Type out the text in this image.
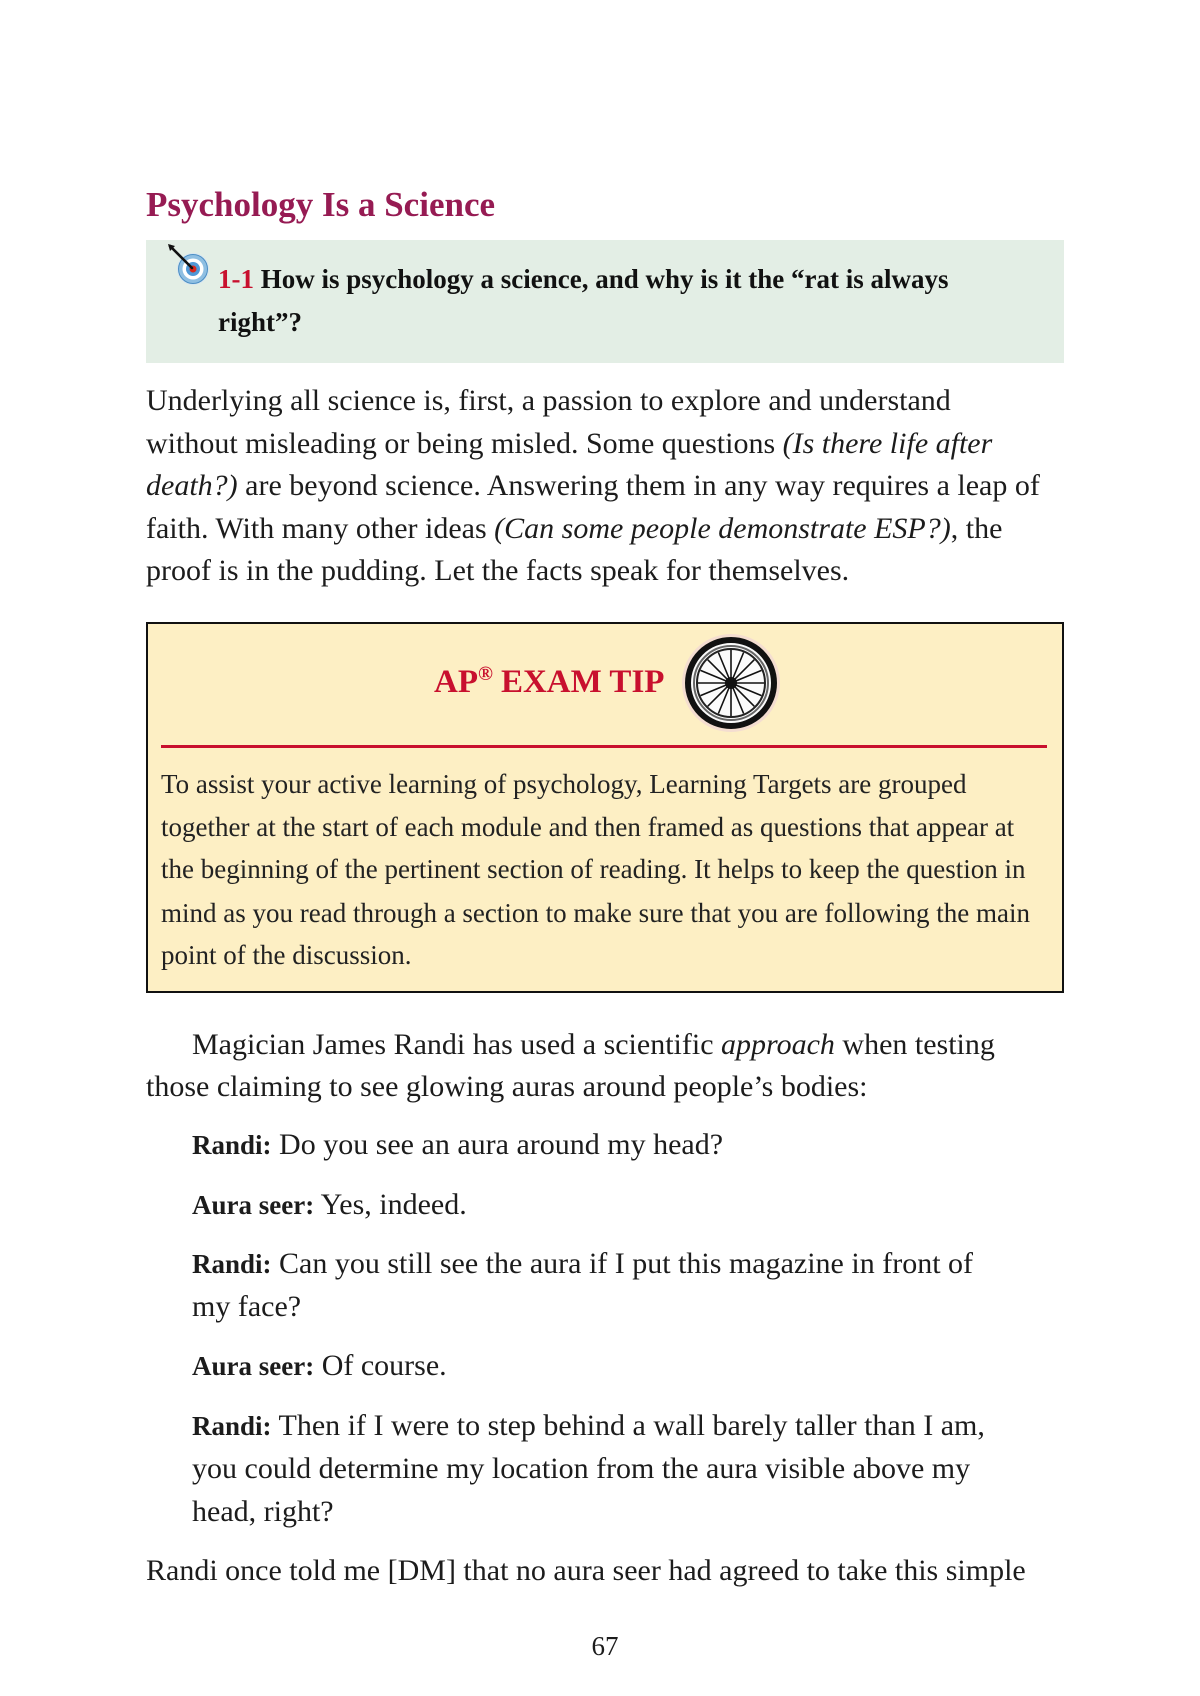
Psychology Is a Science
1-1 How is psychology a science, and why is it the “rat is always
right”?
Underlying all science is, first, a passion to explore and understand
without misleading or being misled. Some questions (Is there life after
death?) are beyond science. Answering them in any way requires a leap of
faith. With many other ideas (Can some people demonstrate ESP?), the
proof is in the pudding. Let the facts speak for themselves.
AP® EXAM TIP
To assist your active learning of psychology, Learning Targets are grouped
together at the start of each module and then framed as questions that appear at
the beginning of the pertinent section of reading. It helps to keep the question in
mind as you read through a section to make sure that you are following the main
point of the discussion.
Magician James Randi has used a scientific approach when testing
those claiming to see glowing auras around people’s bodies:
Randi: Do you see an aura around my head?
Aura seer: Yes, indeed.
Randi: Can you still see the aura if I put this magazine in front of
my face?
Aura seer: Of course.
Randi: Then if I were to step behind a wall barely taller than I am,
you could determine my location from the aura visible above my
head, right?
Randi once told me [DM] that no aura seer had agreed to take this simple
67
